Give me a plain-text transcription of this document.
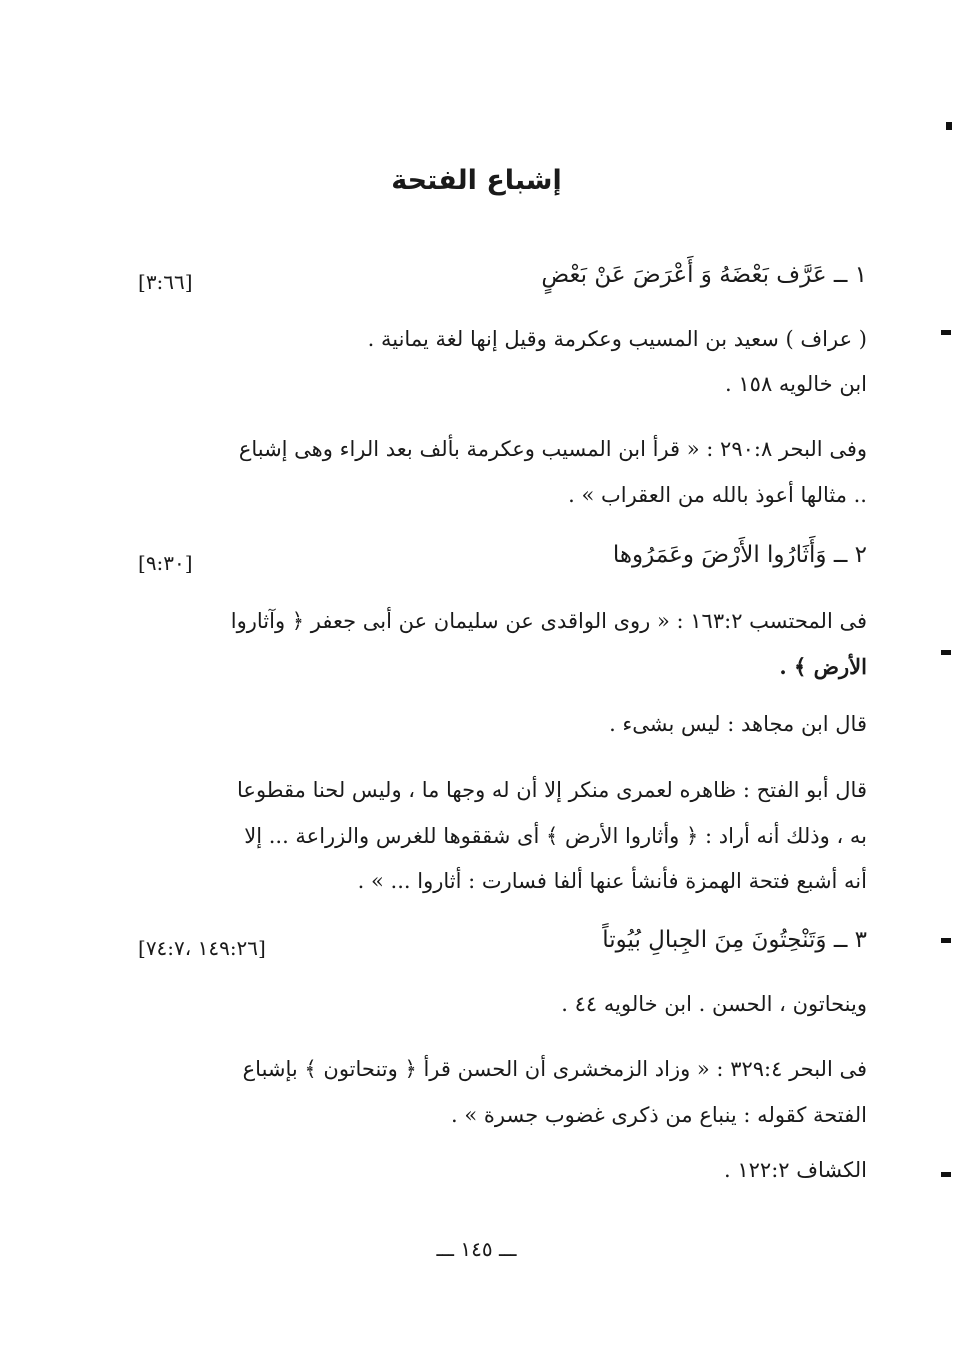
إشباع الفتحة
١ ــ عَرَّف بَعْضَهُ وَ أَعْرَضَ عَنْ بَعْضٍ
[٣:٦٦]
( عراف ) سعيد بن المسيب وعكرمة وقيل إنها لغة يمانية .
ابن خالويه ١٥٨ .
وفى البحر ٢٩٠:٨ : « قرأ ابن المسيب وعكرمة بألف بعد الراء وهى إشباع
.. مثالها أعوذ بالله من العقراب » .
٢ ــ وَأَثَارُوا الأَرْضَ وعَمَرُوها
[٩:٣٠]
فى المحتسب ١٦٣:٢ : « روى الواقدى عن سليمان عن أبى جعفر ﴿ وآثاروا
الأرض ﴾ .
قال ابن مجاهد : ليس بشىء .
قال أبو الفتح : ظاهره لعمرى منكر إلا أن له وجها ما ، وليس لحنا مقطوعا
به ، وذلك أنه أراد : ﴿ وأثاروا الأرض ﴾ أى شققوها للغرس والزراعة ... إلا
أنه أشبع فتحة الهمزة فأنشأ عنها ألفا فسارت : أثاروا ... » .
٣ ــ وَتَنْحِتُونَ مِنَ الجِبالِ بُيُوتاً
[١٤٩:٢٦ ،٧٤:٧]
وينحاتون ، الحسن . ابن خالويه ٤٤ .
فى البحر ٣٢٩:٤ : « وزاد الزمخشرى أن الحسن قرأ ﴿ وتنحاتون ﴾ بإشباع
الفتحة كقوله : ينباع من ذكرى غضوب جسرة » .
الكشاف ١٢٢:٢ .
ـــ ١٤٥ ـــ
